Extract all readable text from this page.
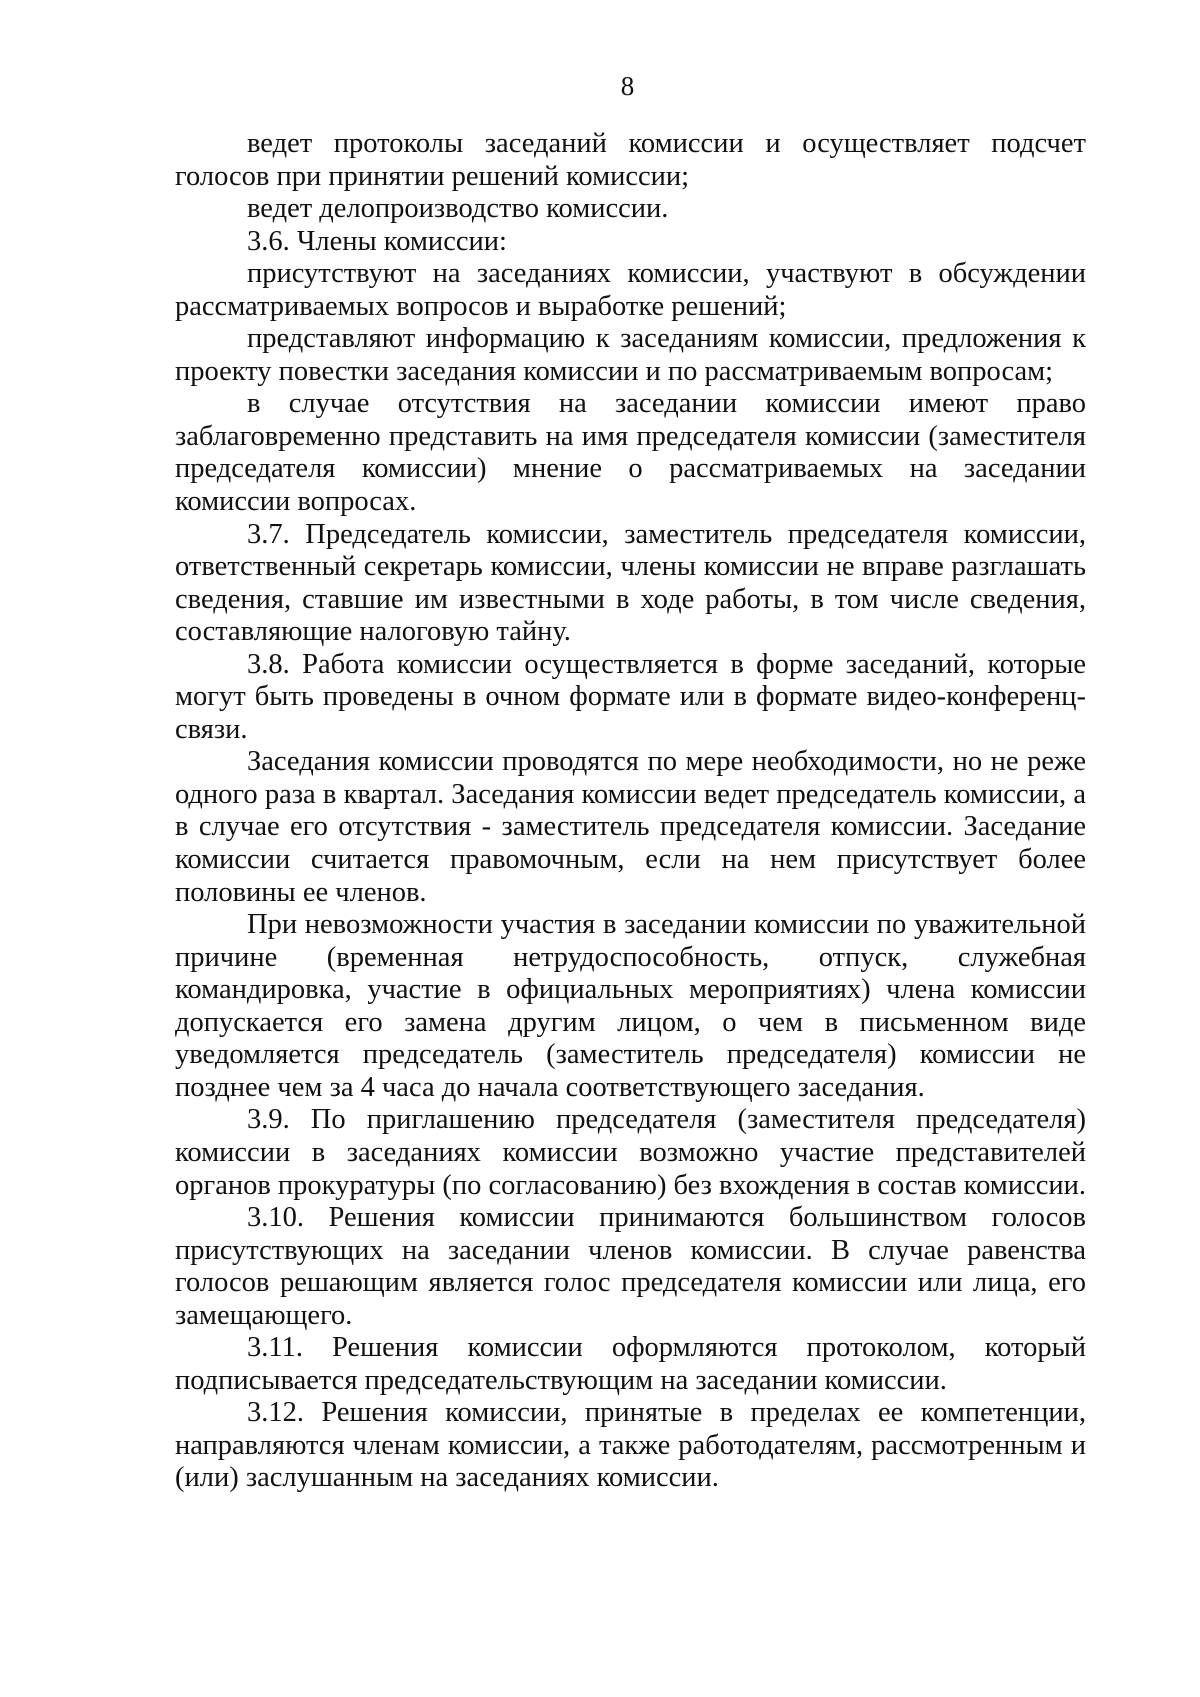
8

ведет протоколы заседаний комиссии и осуществляет подсчет голосов при принятии решений комиссии;

ведет делопроизводство комиссии.

3.6. Члены комиссии:

присутствуют на заседаниях комиссии, участвуют в обсуждении рассматриваемых вопросов и выработке решений;

представляют информацию к заседаниям комиссии, предложения к проекту повестки заседания комиссии и по рассматриваемым вопросам;

в случае отсутствия на заседании комиссии имеют право заблаговременно представить на имя председателя комиссии (заместителя председателя комиссии) мнение о рассматриваемых на заседании комиссии вопросах.

3.7. Председатель комиссии, заместитель председателя комиссии, ответственный секретарь комиссии, члены комиссии не вправе разглашать сведения, ставшие им известными в ходе работы, в том числе сведения, составляющие налоговую тайну.

3.8. Работа комиссии осуществляется в форме заседаний, которые могут быть проведены в очном формате или в формате видео-конференц-связи.

Заседания комиссии проводятся по мере необходимости, но не реже одного раза в квартал. Заседания комиссии ведет председатель комиссии, а в случае его отсутствия - заместитель председателя комиссии. Заседание комиссии считается правомочным, если на нем присутствует более половины ее членов.

При невозможности участия в заседании комиссии по уважительной причине (временная нетрудоспособность, отпуск, служебная командировка, участие в официальных мероприятиях) члена комиссии допускается его замена другим лицом, о чем в письменном виде уведомляется председатель (заместитель председателя) комиссии не позднее чем за 4 часа до начала соответствующего заседания.

3.9. По приглашению председателя (заместителя председателя) комиссии в заседаниях комиссии возможно участие представителей органов прокуратуры (по согласованию) без вхождения в состав комиссии.

3.10. Решения комиссии принимаются большинством голосов присутствующих на заседании членов комиссии. В случае равенства голосов решающим является голос председателя комиссии или лица, его замещающего.

3.11. Решения комиссии оформляются протоколом, который подписывается председательствующим на заседании комиссии.

3.12. Решения комиссии, принятые в пределах ее компетенции, направляются членам комиссии, а также работодателям, рассмотренным и (или) заслушанным на заседаниях комиссии.
